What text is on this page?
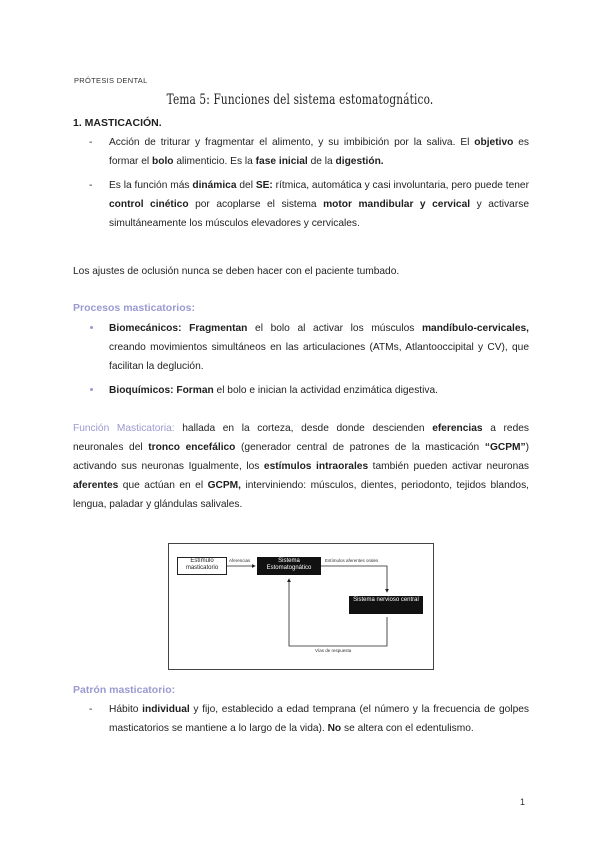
PRÓTESIS DENTAL
Tema 5: Funciones del sistema estomatognático.
1. MASTICACIÓN.
- Acción de triturar y fragmentar el alimento, y su imbibición por la saliva. El objetivo es formar el bolo alimenticio. Es la fase inicial de la digestión.
- Es la función más dinámica del SE: rítmica, automática y casi involuntaria, pero puede tener control cinético por acoplarse el sistema motor mandibular y cervical y activarse simultáneamente los músculos elevadores y cervicales.
Los ajustes de oclusión nunca se deben hacer con el paciente tumbado.
Procesos masticatorios:
Biomecánicos: Fragmentan el bolo al activar los músculos mandíbulo-cervicales, creando movimientos simultáneos en las articulaciones (ATMs, Atlantooccipital y CV), que facilitan la deglución.
Bioquímicos: Forman el bolo e inician la actividad enzimática digestiva.
Función Masticatoria: hallada en la corteza, desde donde descienden eferencias a redes neuronales del tronco encefálico (generador central de patrones de la masticación “GCPM”) activando sus neuronas Igualmente, los estímulos intraorales también pueden activar neuronas aferentes que actúan en el GCPM, interviniendo: músculos, dientes, periodonto, tejidos blandos, lengua, paladar y glándulas salivales.
Estímulo masticatorio
Sistema Estomatognático
Sistema nervioso central
Aferencias	Estímulos aferentes orales
Vías de respuesta
Patrón masticatorio:
- Hábito individual y fijo, establecido a edad temprana (el número y la frecuencia de golpes masticatorios se mantiene a lo largo de la vida). No se altera con el edentulismo.
1
